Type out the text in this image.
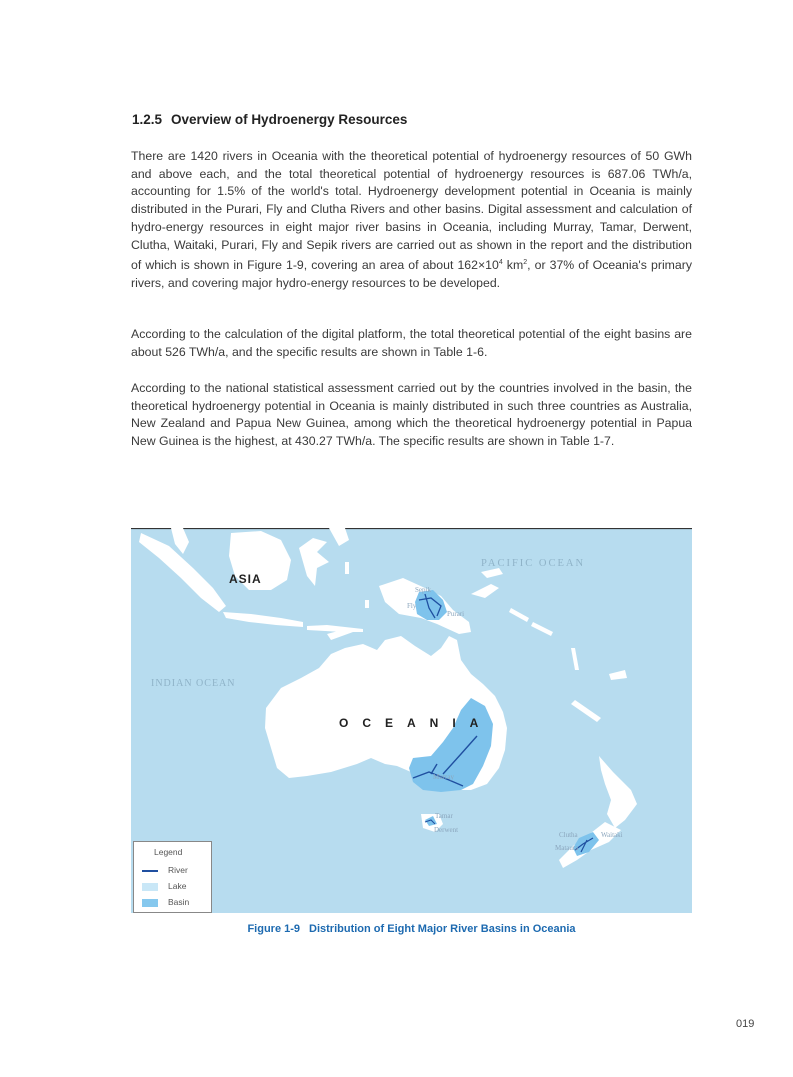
1.2.5 Overview of Hydroenergy Resources

There are 1420 rivers in Oceania with the theoretical potential of hydroenergy resources of 50 GWh and above each, and the total theoretical potential of hydroenergy resources is 687.06 TWh/a, accounting for 1.5% of the world's total. Hydroenergy development potential in Oceania is mainly distributed in the Purari, Fly and Clutha Rivers and other basins. Digital assessment and calculation of hydro-energy resources in eight major river basins in Oceania, including Murray, Tamar, Derwent, Clutha, Waitaki, Purari, Fly and Sepik rivers are carried out as shown in the report and the distribution of which is shown in Figure 1-9, covering an area of about $162\times 10^4$ $km^2$, or 37% of Oceania's primary rivers, and covering major hydro-energy resources to be developed.

According to the calculation of the digital platform, the total theoretical potential of the eight basins are about 526 TWh/a, and the specific results are shown in Table 1-6.

According to the national statistical assessment carried out by the countries involved in the basin, the theoretical hydroenergy potential in Oceania is mainly distributed in such three countries as Australia, New Zealand and Papua New Guinea, among which the theoretical hydroenergy potential in Papua New Guinea is the highest, at 430.27 TWh/a. The specific results are shown in Table 1-7.

ASIA
PACIFIC OCEAN
INDIAN OCEAN
OCEANIA
Sepik
Fly
Purari
Murray
Tamar
Derwent
Clutha	Waitaki
Mataura
Legend
River
Lake
Basin
Figure 1-9 Distribution of Eight Major River Basins in Oceania
019
